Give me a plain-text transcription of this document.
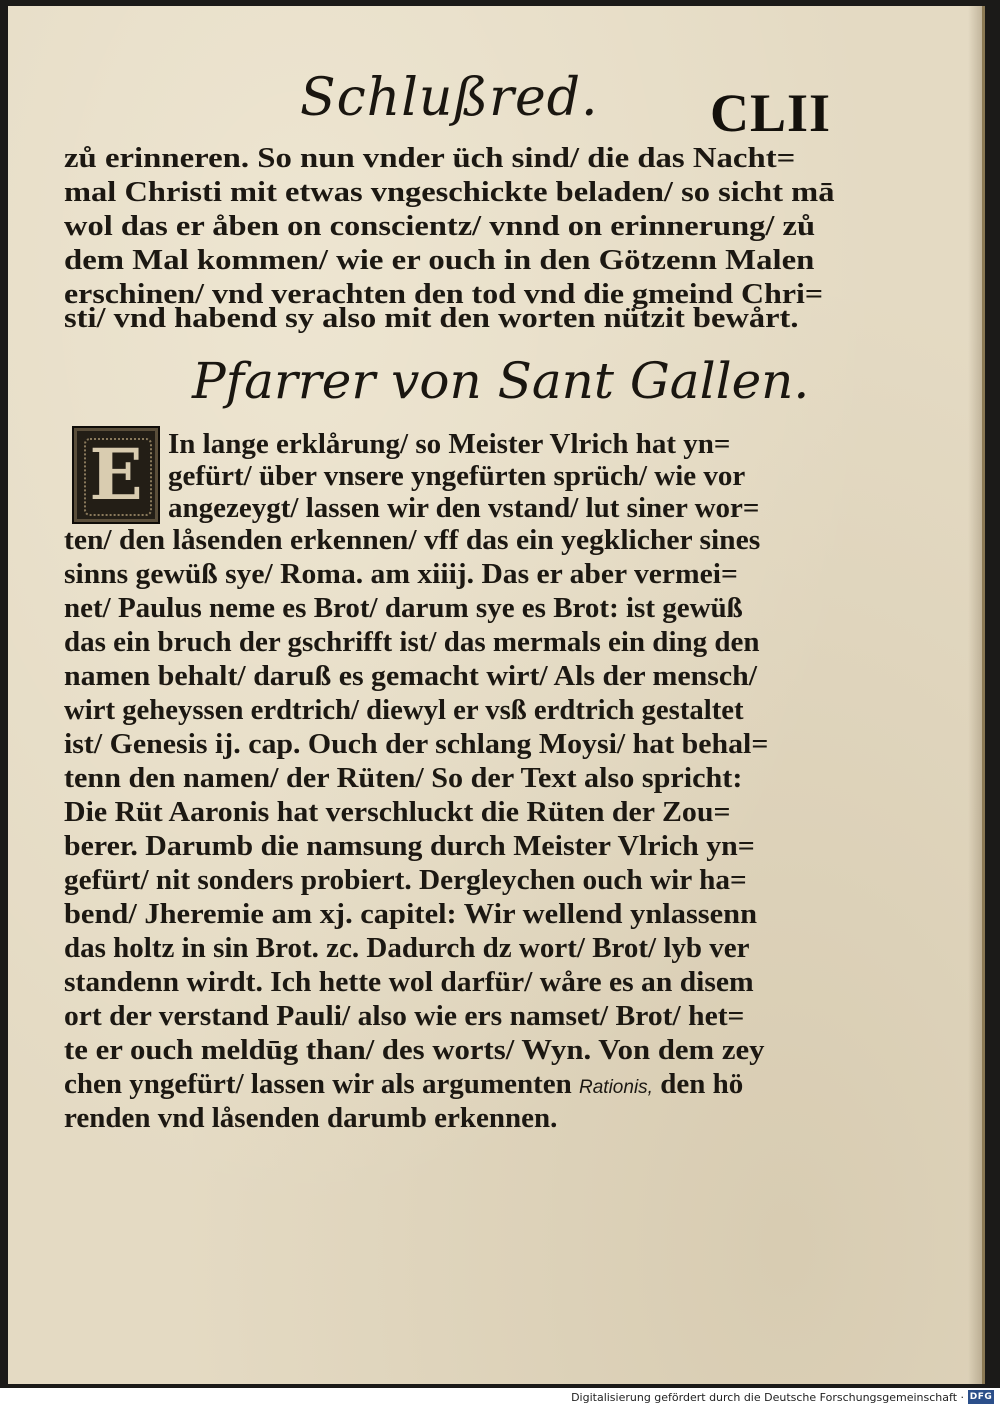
Schlußred. CLII
zů erinneren. So nun vnder üch sind/ die das Nacht=
mal Christi mit etwas vngeschickte beladen/ so sicht mā
wol das er åben on conscientz/ vnnd on erinnerung/ zů
dem Mal kommen/ wie er ouch in den Götzenn Malen
erschinen/ vnd verachten den tod vnd die gmeind Chri=
sti/ vnd habend sy also mit den worten nützit bewårt.
Pfarrer von Sant Gallen.
E In lange erklårung/ so Meister Vlrich hat yn=
gefürt/ über vnsere yngefürten sprüch/ wie vor
angezeygt/ lassen wir den vstand/ lut siner wor=
ten/ den låsenden erkennen/ vff das ein yegklicher sines
sinns gewüß sye/ Roma. am xiiij. Das er aber vermei=
net/ Paulus neme es Brot/ darum sye es Brot: ist gewüß
das ein bruch der gschrifft ist/ das mermals ein ding den
namen behalt/ daruß es gemacht wirt/ Als der mensch/
wirt geheyssen erdtrich/ diewyl er vsß erdtrich gestaltet
ist/ Genesis ij. cap. Ouch der schlang Moysi/ hat behal=
tenn den namen/ der Rüten/ So der Text also spricht:
Die Rüt Aaronis hat verschluckt die Rüten der Zou=
berer. Darumb die namsung durch Meister Vlrich yn=
gefürt/ nit sonders probiert. Dergleychen ouch wir ha=
bend/ Jheremie am xj. capitel: Wir wellend ynlassenn
das holtz in sin Brot. zc. Dadurch dz wort/ Brot/ lyb ver
standenn wirdt. Ich hette wol darfür/ wåre es an disem
ort der verstand Pauli/ also wie ers namset/ Brot/ het=
te er ouch meldūg than/ des worts/ Wyn. Von dem zey
chen yngefürt/ lassen wir als argumenten Rationis, den hö
renden vnd låsenden darumb erkennen.
Digitalisierung gefördert durch die Deutsche Forschungsgemeinschaft · DFG
